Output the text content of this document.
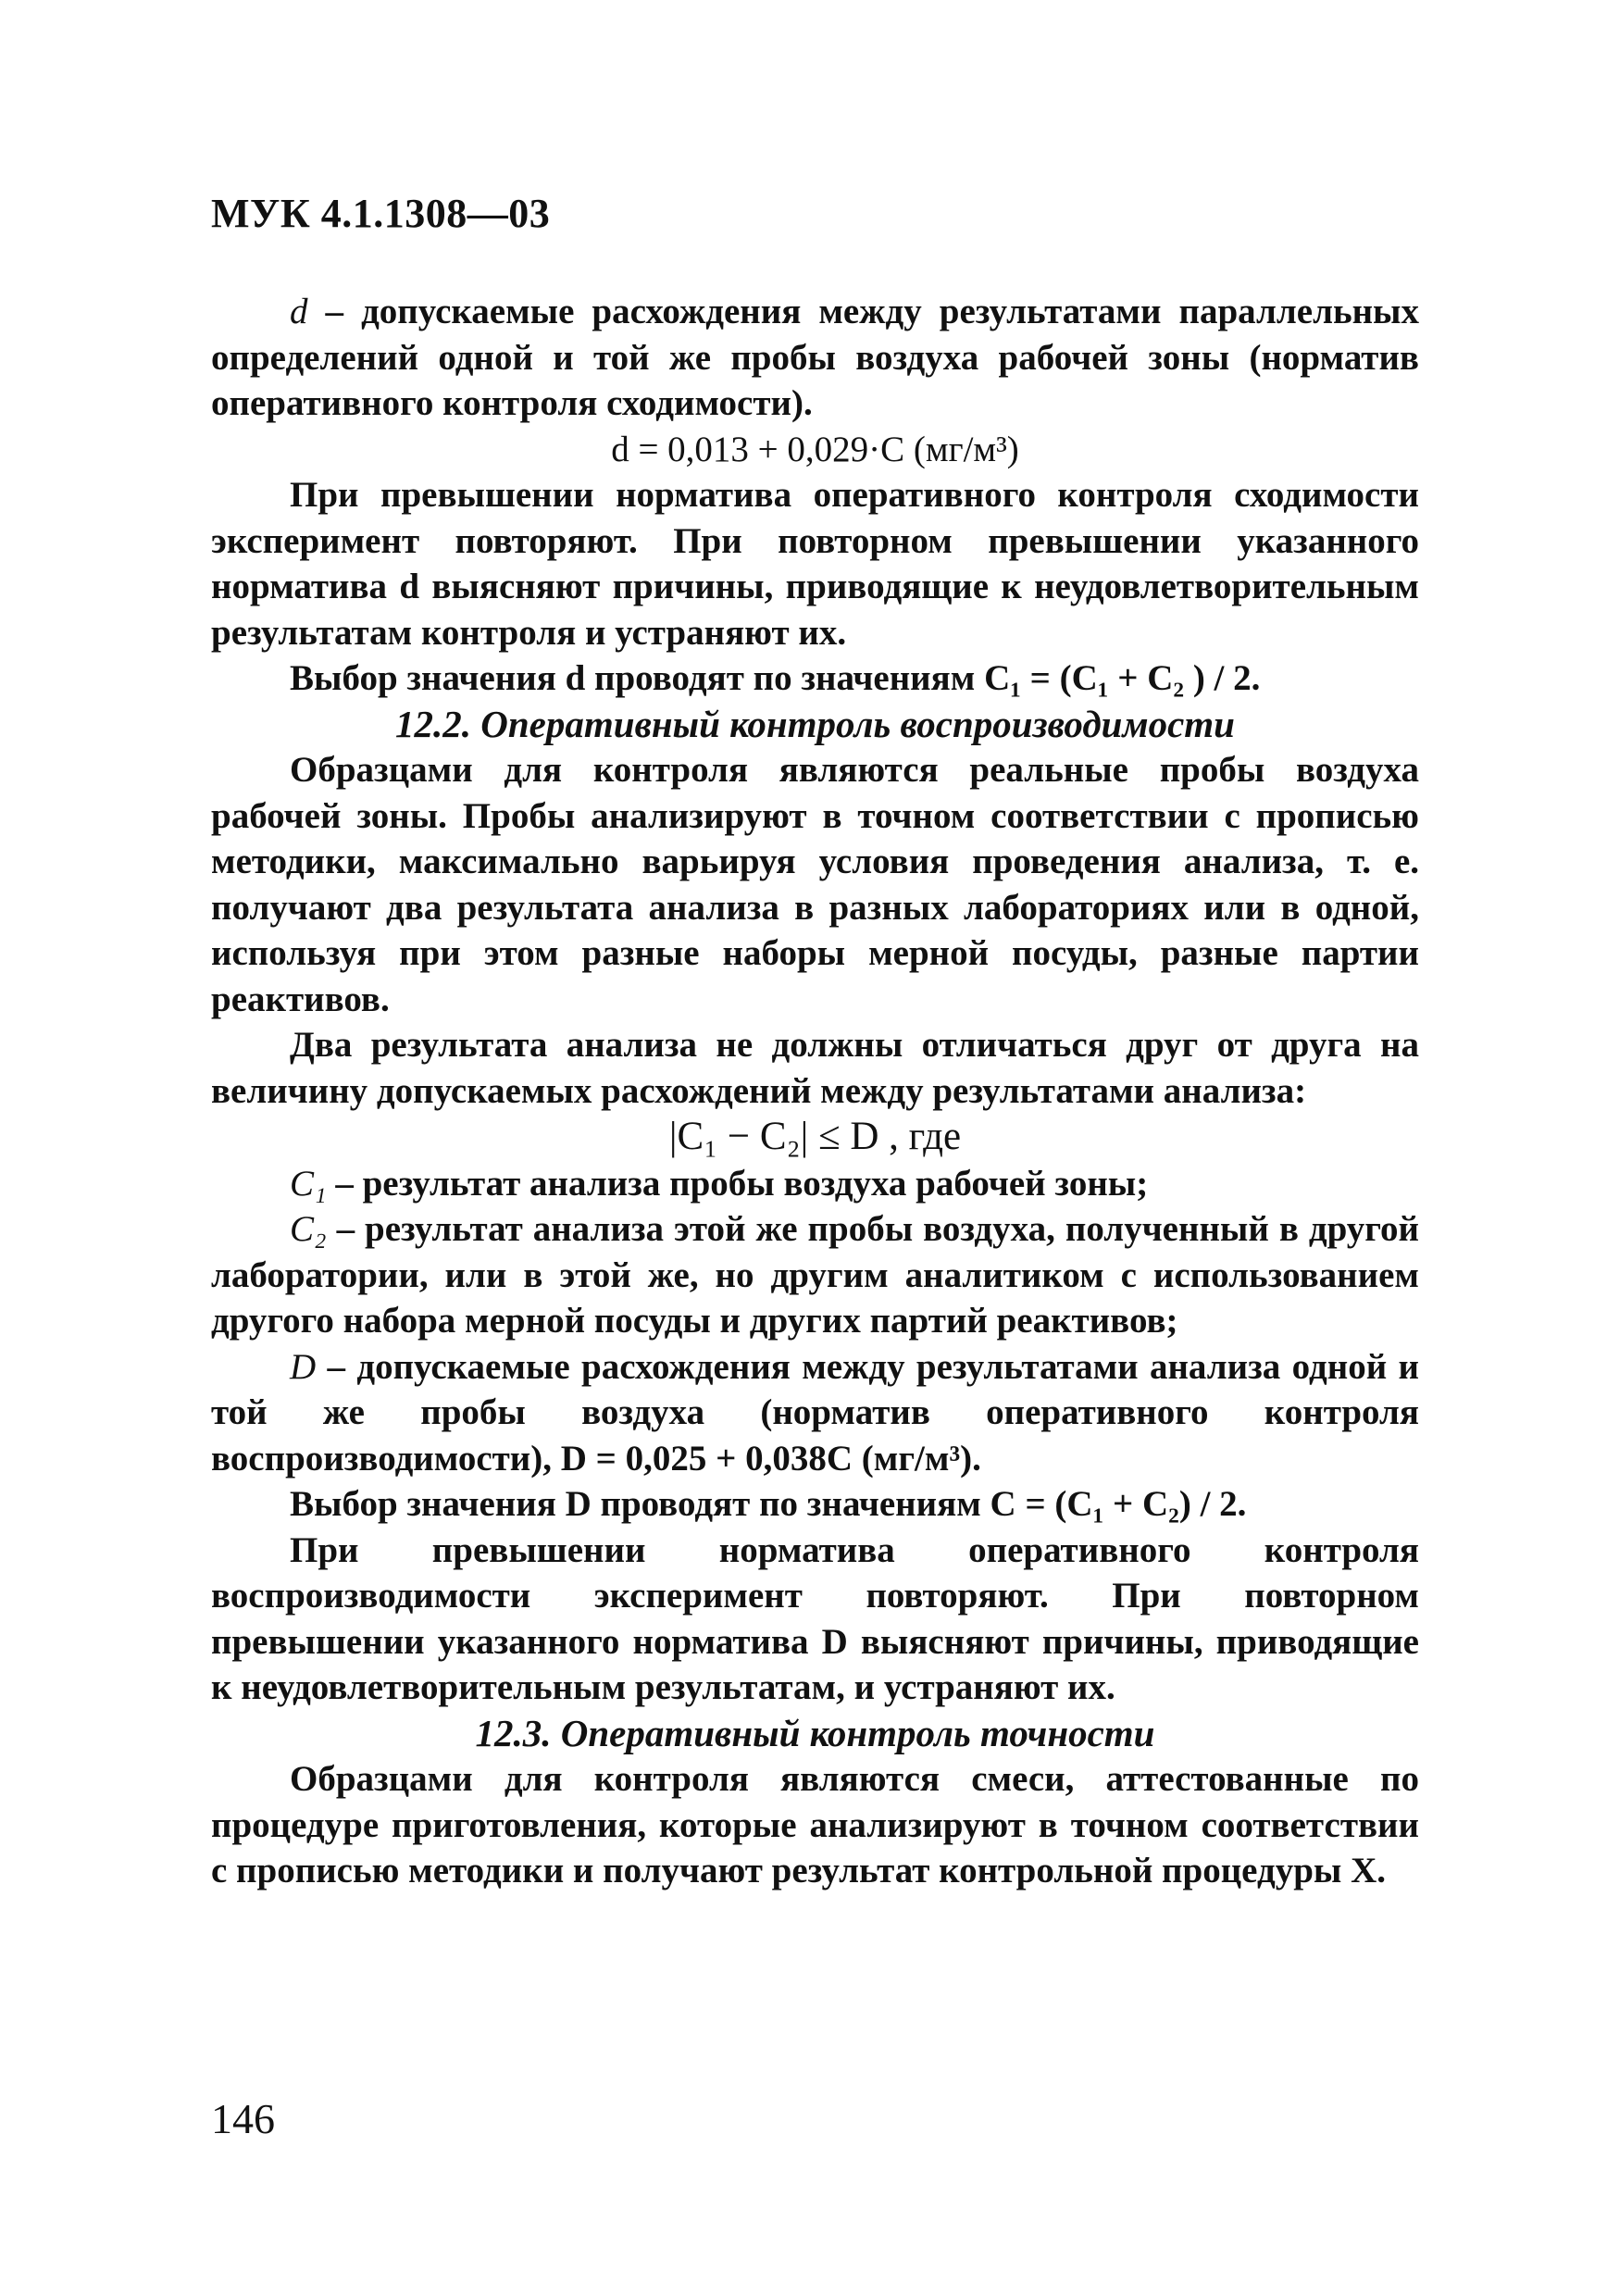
МУК 4.1.1308—03

d – допускаемые расхождения между результатами параллельных определений одной и той же пробы воздуха рабочей зоны (норматив оперативного контроля сходимости).

d = 0,013 + 0,029·C (мг/м³)

При превышении норматива оперативного контроля сходимости эксперимент повторяют. При повторном превышении указанного норматива d выясняют причины, приводящие к неудовлетворительным результатам контроля и устраняют их.

Выбор значения d проводят по значениям C₁ = (C₁ + C₂ ) / 2.

12.2. Оперативный контроль воспроизводимости

Образцами для контроля являются реальные пробы воздуха рабочей зоны. Пробы анализируют в точном соответствии с прописью методики, максимально варьируя условия проведения анализа, т. е. получают два результата анализа в разных лабораториях или в одной, используя при этом разные наборы мерной посуды, разные партии реактивов.

Два результата анализа не должны отличаться друг от друга на величину допускаемых расхождений между результатами анализа:

|C₁ − C₂| ≤ D , где

C₁ – результат анализа пробы воздуха рабочей зоны;

C₂ – результат анализа этой же пробы воздуха, полученный в другой лаборатории, или в этой же, но другим аналитиком с использованием другого набора мерной посуды и других партий реактивов;

D – допускаемые расхождения между результатами анализа одной и той же пробы воздуха (норматив оперативного контроля воспроизводимости), D = 0,025 + 0,038C (мг/м³).

Выбор значения D проводят по значениям C = (C₁ + C₂) / 2.

При превышении норматива оперативного контроля воспроизводимости эксперимент повторяют. При повторном превышении указанного норматива D выясняют причины, приводящие к неудовлетворительным результатам, и устраняют их.

12.3. Оперативный контроль точности

Образцами для контроля являются смеси, аттестованные по процедуре приготовления, которые анализируют в точном соответствии с прописью методики и получают результат контрольной процедуры X.

146
